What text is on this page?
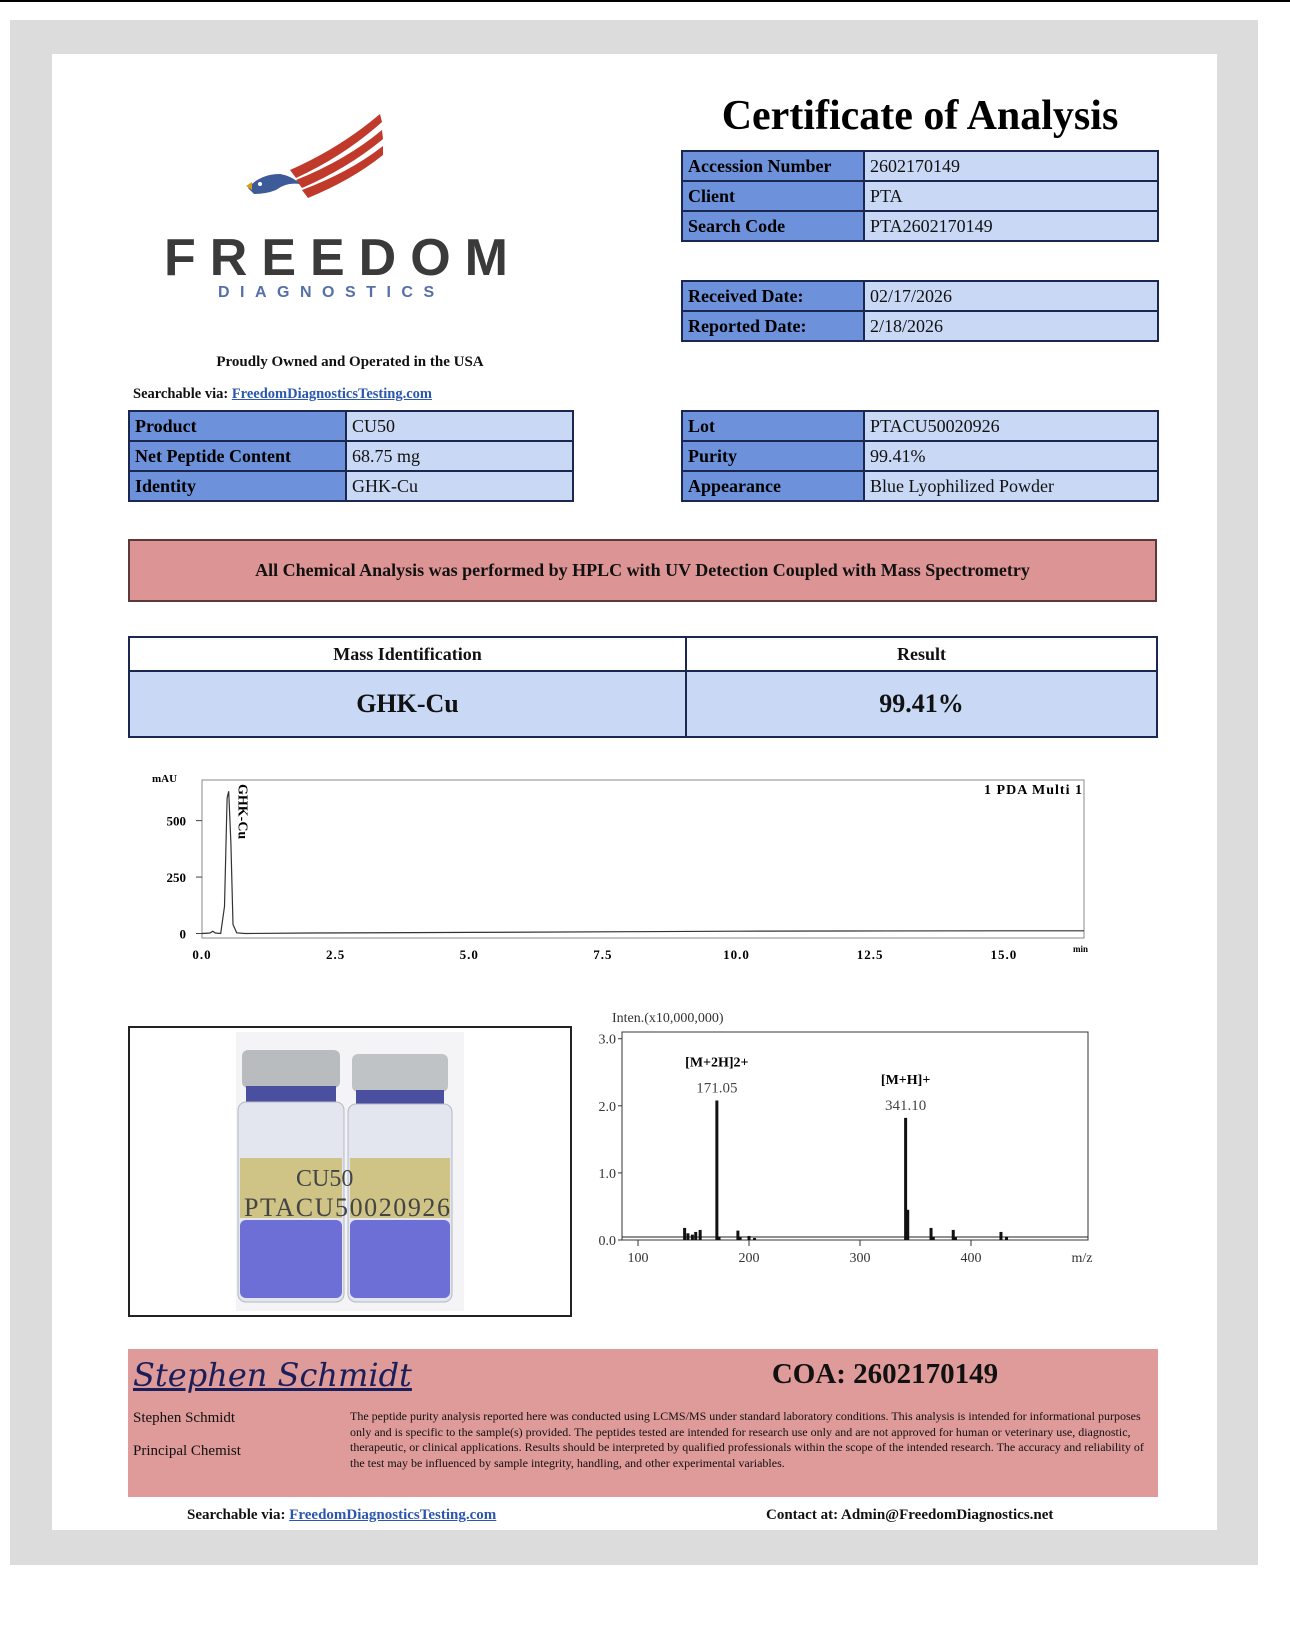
FREEDOM
DIAGNOSTICS
Proudly Owned and Operated in the USA
Searchable via: FreedomDiagnosticsTesting.com
Certificate of Analysis
Accession Number	2602170149
Client	PTA
Search Code	PTA2602170149
Received Date:	02/17/2026
Reported Date:	2/18/2026
Product	CU50
Net Peptide Content	68.75 mg
Identity	GHK-Cu
Lot	PTACU50020926
Purity	99.41%
Appearance	Blue Lyophilized Powder
All Chemical Analysis was performed by HPLC with UV Detection Coupled with Mass Spectrometry
Mass Identification	Result
GHK-Cu	99.41%
mAU
1 PDA Multi 1
min
0
250
500
0.0	2.5	5.0	7.5	10.0	12.5	15.0
GHK-Cu
CU50
PTACU50020926
Inten.(x10,000,000)
0.0
1.0
2.0
3.0
100	200	300	400	m/z
[M+2H]2+
171.05
[M+H]+
341.10
Stephen Schmidt	COA: 2602170149
Stephen Schmidt
Principal Chemist
The peptide purity analysis reported here was conducted using LCMS/MS under standard laboratory conditions. This analysis is intended for informational purposes only and is specific to the sample(s) provided. The peptides tested are intended for research use only and are not approved for human or veterinary use, diagnostic, therapeutic, or clinical applications. Results should be interpreted by qualified professionals within the scope of the intended research. The accuracy and reliability of the test may be influenced by sample integrity, handling, and other experimental variables.
Searchable via: FreedomDiagnosticsTesting.com	Contact at: Admin@FreedomDiagnostics.net
